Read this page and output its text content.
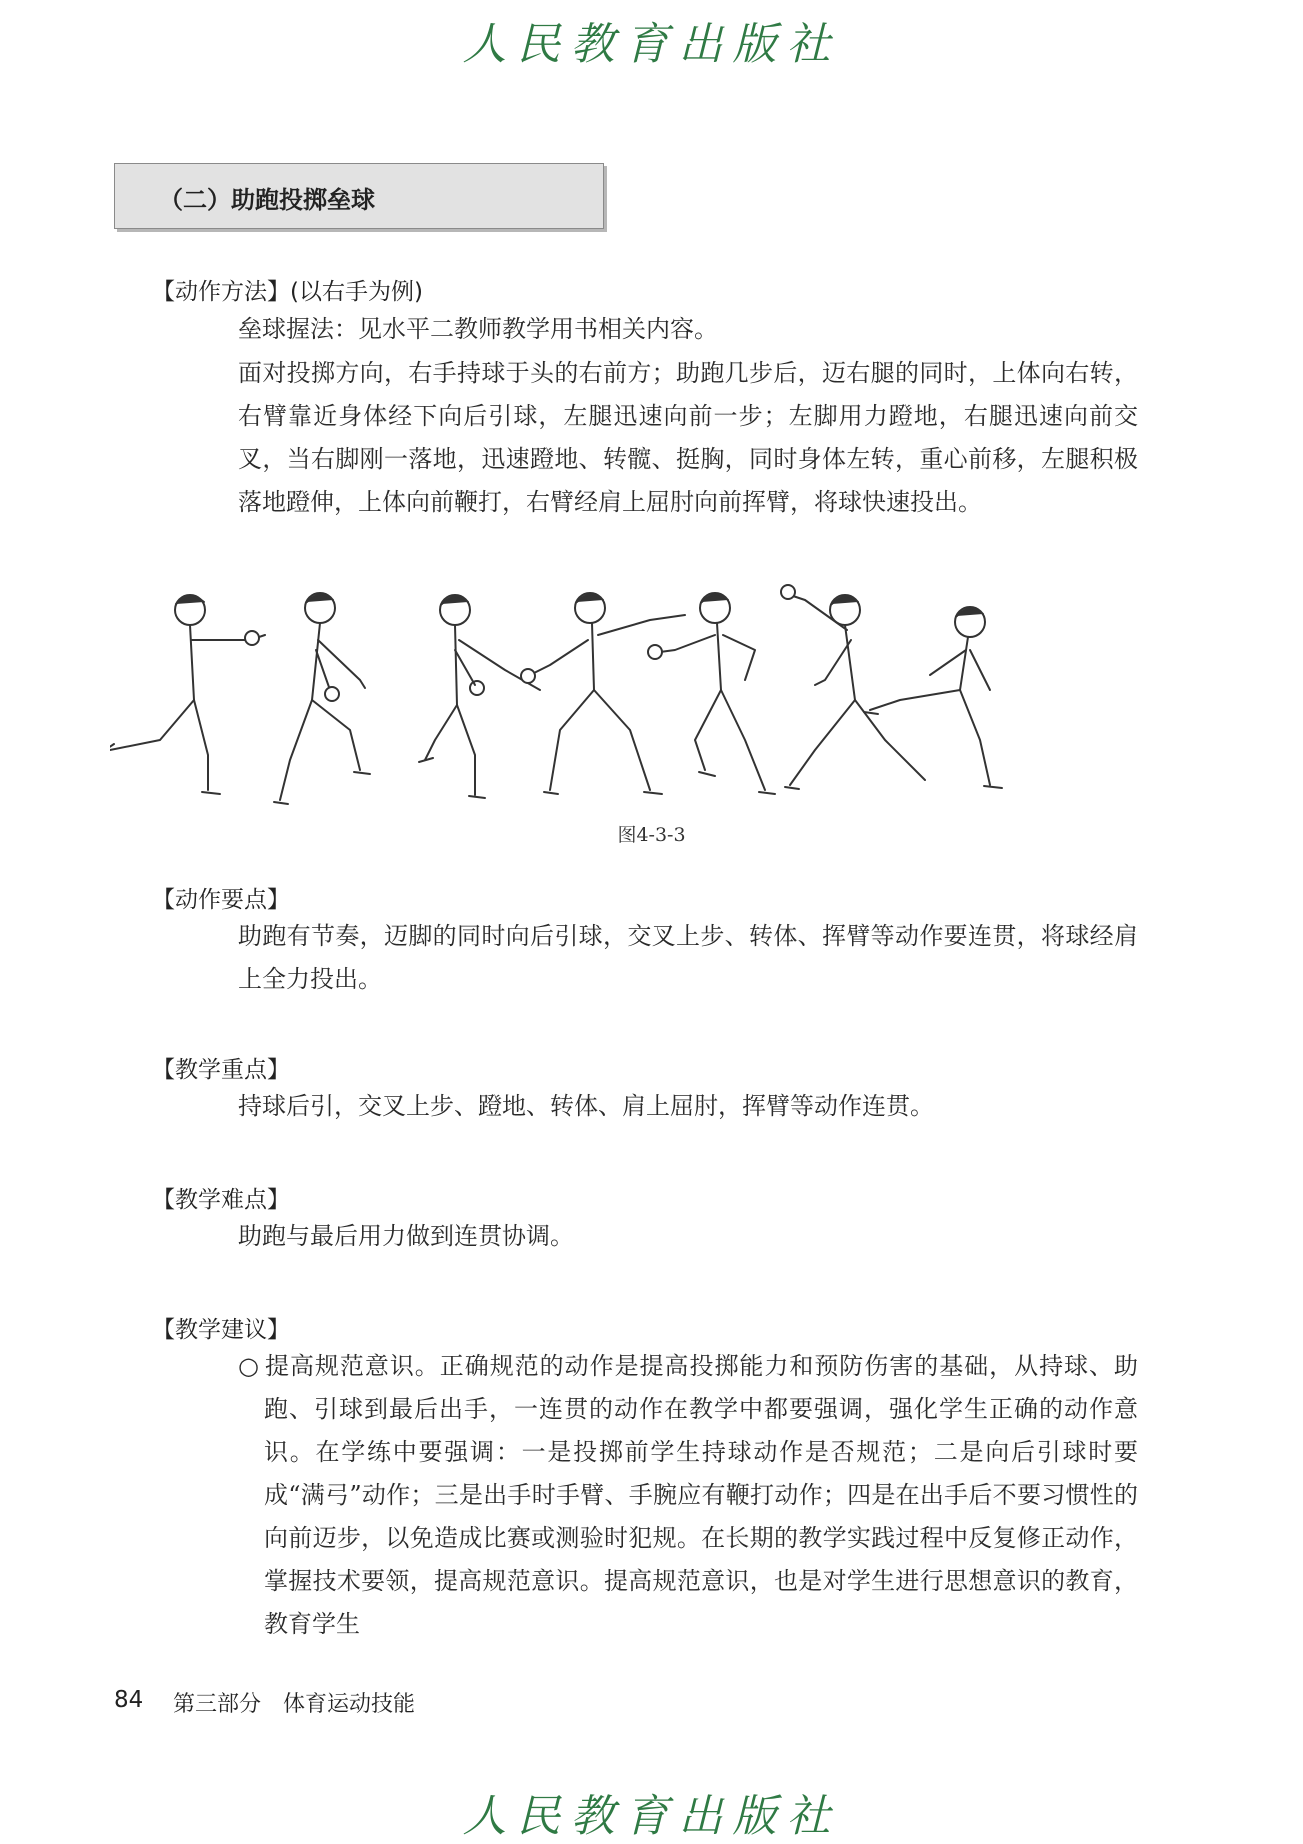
人民教育出版社
（二）助跑投掷垒球
【动作方法】(以右手为例)
垒球握法：见水平二教师教学用书相关内容。
面对投掷方向，右手持球于头的右前方；助跑几步后，迈右腿的同时，上体向右转，右臂靠近身体经下向后引球，左腿迅速向前一步；左脚用力蹬地，右腿迅速向前交叉，当右脚刚一落地，迅速蹬地、转髋、挺胸，同时身体左转，重心前移，左腿积极落地蹬伸，上体向前鞭打，右臂经肩上屈肘向前挥臂，将球快速投出。
图4-3-3
【动作要点】
助跑有节奏，迈脚的同时向后引球，交叉上步、转体、挥臂等动作要连贯，将球经肩上全力投出。
【教学重点】
持球后引，交叉上步、蹬地、转体、肩上屈肘，挥臂等动作连贯。
【教学难点】
助跑与最后用力做到连贯协调。
【教学建议】
○ 提高规范意识。正确规范的动作是提高投掷能力和预防伤害的基础，从持球、助跑、引球到最后出手，一连贯的动作在教学中都要强调，强化学生正确的动作意识。在学练中要强调：一是投掷前学生持球动作是否规范；二是向后引球时要成“满弓”动作；三是出手时手臂、手腕应有鞭打动作；四是在出手后不要习惯性的向前迈步，以免造成比赛或测验时犯规。在长期的教学实践过程中反复修正动作，掌握技术要领，提高规范意识。提高规范意识，也是对学生进行思想意识的教育，教育学生
84 第三部分　体育运动技能
人民教育出版社
